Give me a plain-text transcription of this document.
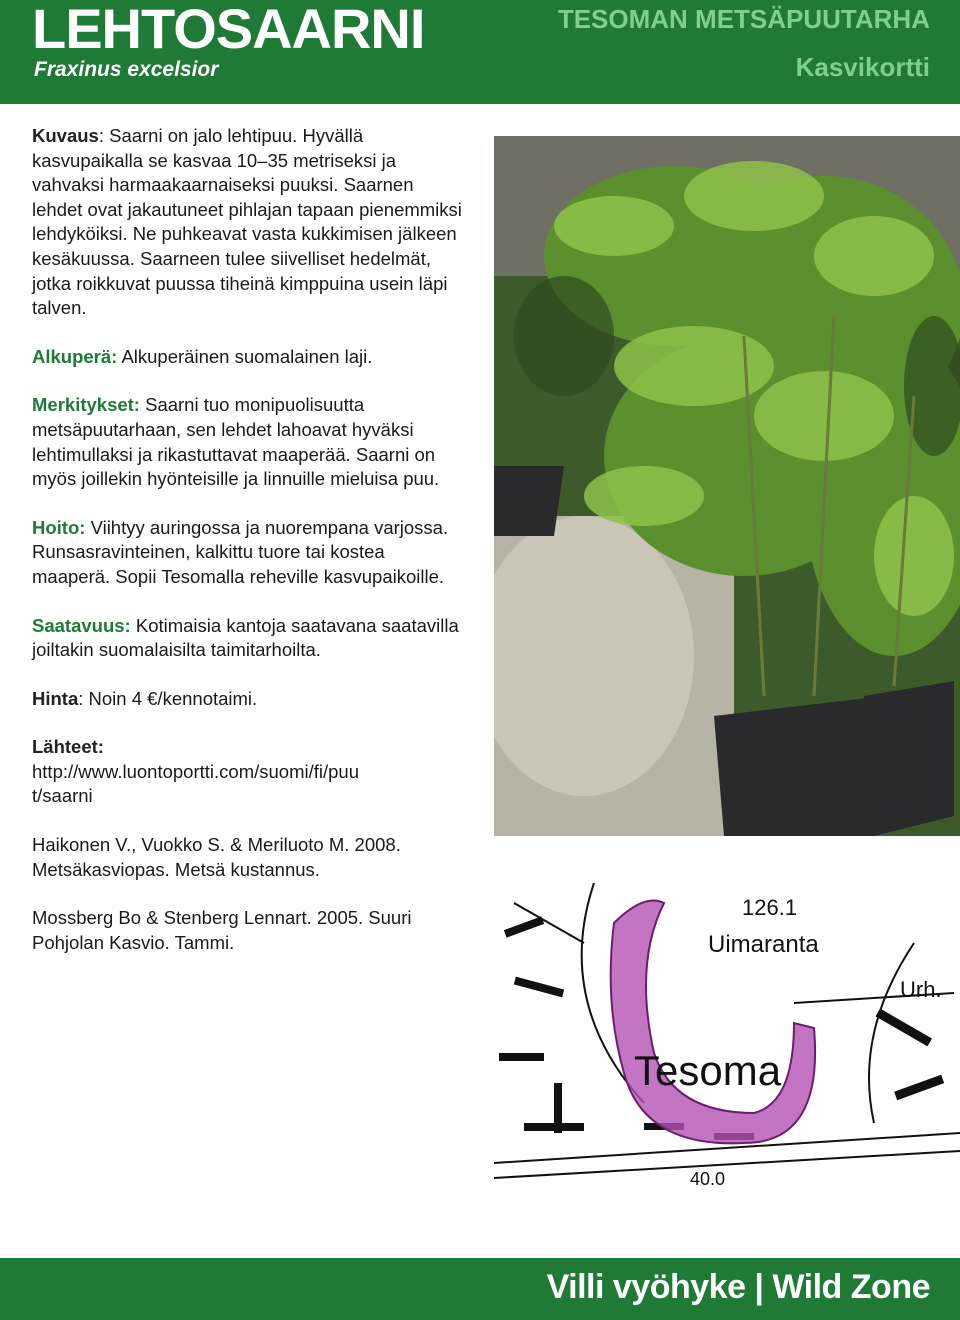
LEHTOSAARNI
Fraxinus excelsior
TESOMAN METSÄPUUTARHA
Kasvikortti

Kuvaus: Saarni on jalo lehtipuu. Hyvällä kasvupaikalla se kasvaa 10–35 metriseksi ja vahvaksi harmaakaarnaiseksi puuksi. Saarnen lehdet ovat jakautuneet pihlajan tapaan pienemmiksi lehdyköiksi. Ne puhkeavat vasta kukkimisen jälkeen kesäkuussa. Saarneen tulee siivelliset hedelmät, jotka roikkuvat puussa tiheinä kimppuina usein läpi talven.

Alkuperä: Alkuperäinen suomalainen laji.

Merkitykset: Saarni tuo monipuolisuutta metsäpuutarhaan, sen lehdet lahoavat hyväksi lehtimullaksi ja rikastuttavat maaperää. Saarni on myös joillekin hyönteisille ja linnuille mieluisa puu.

Hoito: Viihtyy auringossa ja nuorempana varjossa. Runsasravinteinen, kalkittu tuore tai kostea maaperä. Sopii Tesomalla reheville kasvupaikoille.

Saatavuus: Kotimaisia kantoja saatavana saatavilla joiltakin suomalaisilta taimitarhoilta.

Hinta: Noin 4 €/kennotaimi.

Lähteet:
http://www.luontoportti.com/suomi/fi/puut/saarni

Haikonen V., Vuokko S. & Meriluoto M. 2008. Metsäkasviopas. Metsä kustannus.

Mossberg Bo & Stenberg Lennart. 2005. Suuri Pohjolan Kasvio. Tammi.

126.1
Uimaranta
Urh.
Tesoma
40.0
Villi vyöhyke | Wild Zone
